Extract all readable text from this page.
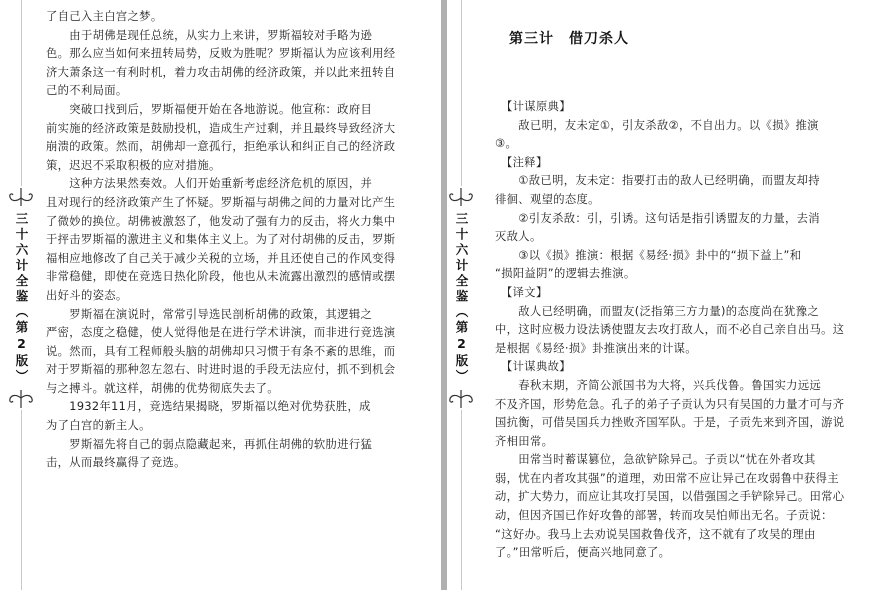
三十六计全鉴（第2版）

了自己入主白宫之梦。

　　由于胡佛是现任总统，从实力上来讲，罗斯福较对手略为逊

色。那么应当如何来扭转局势，反败为胜呢？罗斯福认为应该利用经

济大萧条这一有利时机，着力攻击胡佛的经济政策，并以此来扭转自

己的不利局面。

　　突破口找到后，罗斯福便开始在各地游说。他宣称：政府目

前实施的经济政策是鼓励投机，造成生产过剩，并且最终导致经济大

崩溃的政策。然而，胡佛却一意孤行，拒绝承认和纠正自己的经济政

策，迟迟不采取积极的应对措施。

　　这种方法果然奏效。人们开始重新考虑经济危机的原因，并

且对现行的经济政策产生了怀疑。罗斯福与胡佛之间的力量对比产生

了微妙的换位。胡佛被激怒了，他发动了强有力的反击，将火力集中

于抨击罗斯福的激进主义和集体主义上。为了对付胡佛的反击，罗斯

福相应地修改了自己关于减少关税的立场，并且还使自己的作风变得

非常稳健，即使在竞选日热化阶段，他也从未流露出激烈的感情或摆

出好斗的姿态。

　　罗斯福在演说时，常常引导选民剖析胡佛的政策，其逻辑之

严密，态度之稳健，使人觉得他是在进行学术讲演，而非进行竞选演

说。然而，具有工程师般头脑的胡佛却只习惯于有条不紊的思维，而

对于罗斯福的那种忽左忽右、时进时退的手段无法应付，抓不到机会

与之搏斗。就这样，胡佛的优势彻底失去了。

　　1932年11月，竞选结果揭晓，罗斯福以绝对优势获胜，成

为了白宫的新主人。

　　罗斯福先将自己的弱点隐藏起来，再抓住胡佛的软肋进行猛

击，从而最终赢得了竞选。

三十六计全鉴（第2版）
第三计　借刀杀人

　【计谋原典】

　　敌已明，友未定①，引友杀敌②，不自出力。以《损》推演

③。

　【注释】

　　①敌已明，友未定：指要打击的敌人已经明确，而盟友却持

徘徊、观望的态度。

　　②引友杀敌：引，引诱。这句话是指引诱盟友的力量，去消

灭敌人。

　　③以《损》推演：根据《易经·损》卦中的“损下益上”和

“损阳益阴”的逻辑去推演。

　【译文】

　　敌人已经明确，而盟友(泛指第三方力量)的态度尚在犹豫之

中，这时应极力设法诱使盟友去攻打敌人，而不必自己亲自出马。这

是根据《易经·损》卦推演出来的计谋。

　【计谋典故】

　　春秋末期，齐简公派国书为大将，兴兵伐鲁。鲁国实力远远

不及齐国，形势危急。孔子的弟子子贡认为只有吴国的力量才可与齐

国抗衡，可借吴国兵力挫败齐国军队。于是，子贡先来到齐国，游说

齐相田常。

　　田常当时蓄谋篡位，急欲铲除异己。子贡以“忧在外者攻其

弱，忧在内者攻其强”的道理，劝田常不应让异己在攻弱鲁中获得主

动，扩大势力，而应让其攻打吴国，以借强国之手铲除异己。田常心

动，但因齐国已作好攻鲁的部署，转而攻吴怕师出无名。子贡说：

“这好办。我马上去劝说吴国救鲁伐齐，这不就有了攻吴的理由

了。”田常听后，便高兴地同意了。
